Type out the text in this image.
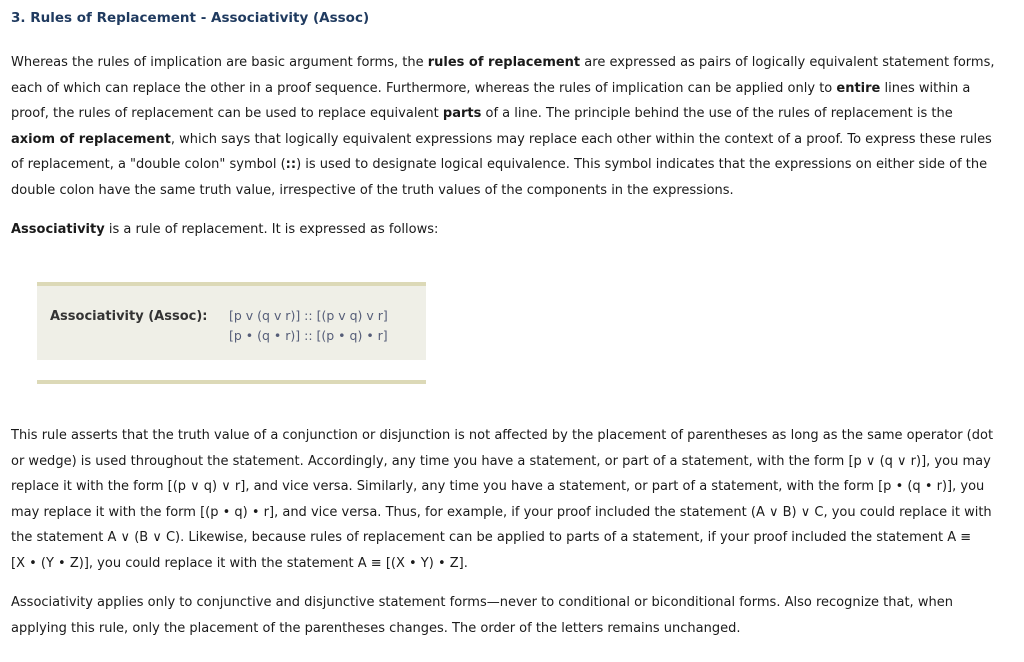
3. Rules of Replacement - Associativity (Assoc)

Whereas the rules of implication are basic argument forms, the rules of replacement are expressed as pairs of logically equivalent statement forms,
each of which can replace the other in a proof sequence. Furthermore, whereas the rules of implication can be applied only to entire lines within a
proof, the rules of replacement can be used to replace equivalent parts of a line. The principle behind the use of the rules of replacement is the
axiom of replacement, which says that logically equivalent expressions may replace each other within the context of a proof. To express these rules
of replacement, a "double colon" symbol (::) is used to designate logical equivalence. This symbol indicates that the expressions on either side of the
double colon have the same truth value, irrespective of the truth values of the components in the expressions.

Associativity is a rule of replacement. It is expressed as follows:

Associativity (Assoc): [p v (q v r)] :: [(p v q) v r]
[p • (q • r)] :: [(p • q) • r]

This rule asserts that the truth value of a conjunction or disjunction is not affected by the placement of parentheses as long as the same operator (dot
or wedge) is used throughout the statement. Accordingly, any time you have a statement, or part of a statement, with the form [p ∨ (q ∨ r)], you may
replace it with the form [(p ∨ q) ∨ r], and vice versa. Similarly, any time you have a statement, or part of a statement, with the form [p • (q • r)], you
may replace it with the form [(p • q) • r], and vice versa. Thus, for example, if your proof included the statement (A ∨ B) ∨ C, you could replace it with
the statement A ∨ (B ∨ C). Likewise, because rules of replacement can be applied to parts of a statement, if your proof included the statement A ≡
[X • (Y • Z)], you could replace it with the statement A ≡ [(X • Y) • Z].

Associativity applies only to conjunctive and disjunctive statement forms—never to conditional or biconditional forms. Also recognize that, when
applying this rule, only the placement of the parentheses changes. The order of the letters remains unchanged.
